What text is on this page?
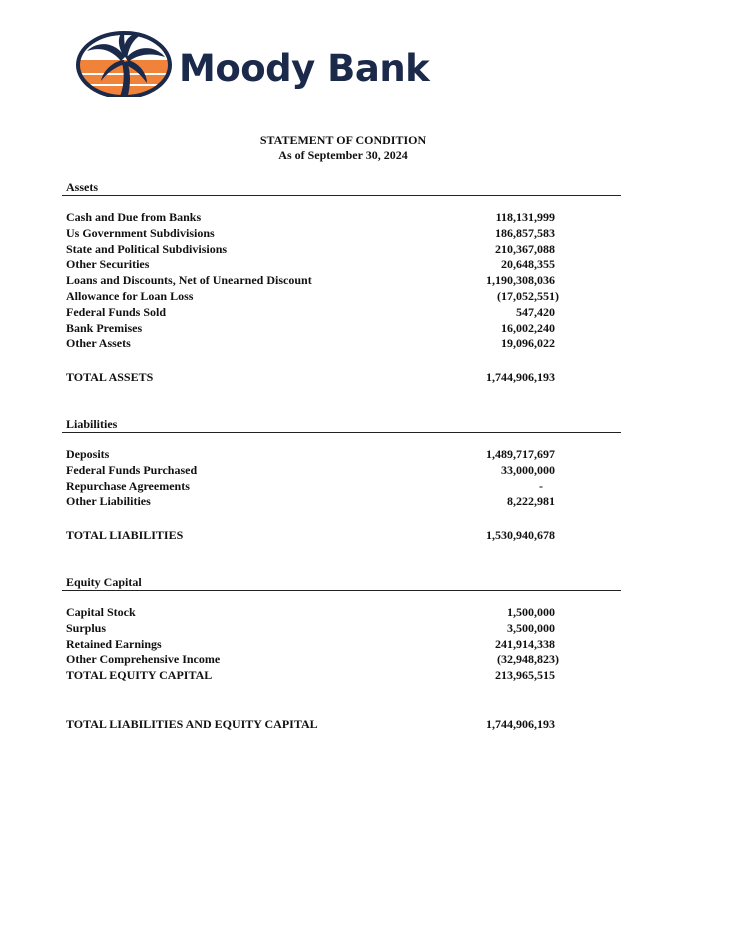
Moody Bank
STATEMENT OF CONDITION
As of September 30, 2024
Assets
Cash and Due from Banks	118,131,999
Us Government Subdivisions	186,857,583
State and Political Subdivisions	210,367,088
Other Securities	20,648,355
Loans and Discounts, Net of Unearned Discount	1,190,308,036
Allowance for Loan Loss	(17,052,551)
Federal Funds Sold	547,420
Bank Premises	16,002,240
Other Assets	19,096,022
TOTAL ASSETS	1,744,906,193
Liabilities
Deposits	1,489,717,697
Federal Funds Purchased	33,000,000
Repurchase Agreements	-
Other Liabilities	8,222,981
TOTAL LIABILITIES	1,530,940,678
Equity Capital
Capital Stock	1,500,000
Surplus	3,500,000
Retained Earnings	241,914,338
Other Comprehensive Income	(32,948,823)
TOTAL EQUITY CAPITAL	213,965,515
TOTAL LIABILITIES AND EQUITY CAPITAL	1,744,906,193
